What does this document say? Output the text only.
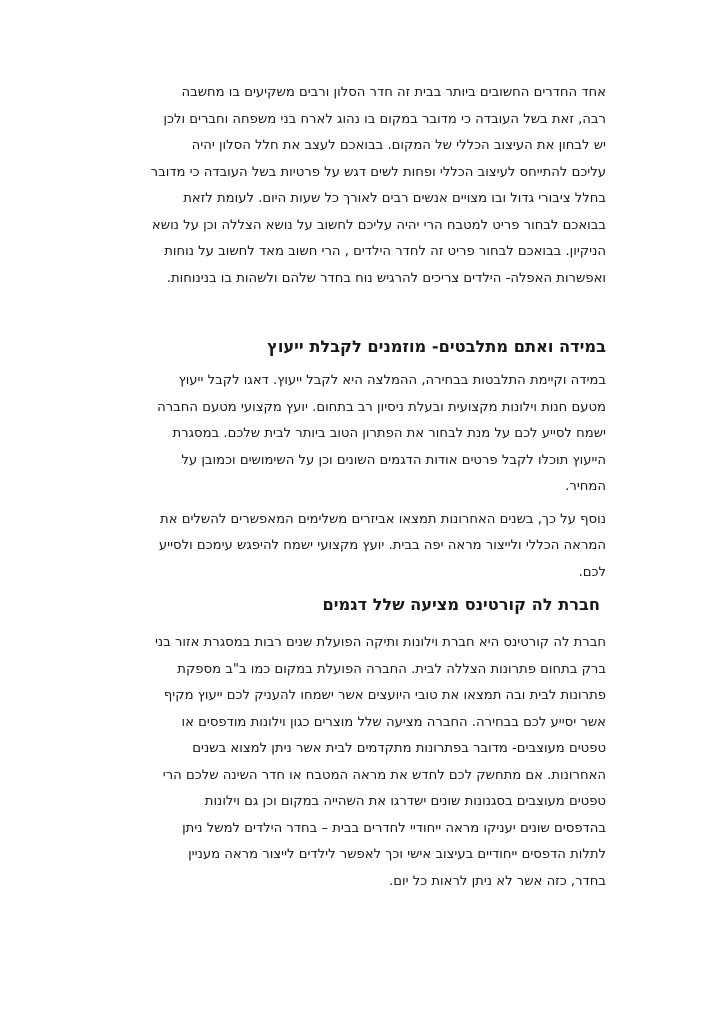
אחד החדרים החשובים ביותר בבית זה חדר הסלון ורבים משקיעים בו מחשבה
רבה, זאת בשל העובדה כי מדובר במקום בו נהוג לארח בני משפחה וחברים ולכן
יש לבחון את העיצוב הכללי של המקום. בבואכם לעצב את חלל הסלון יהיה
עליכם להתייחס לעיצוב הכללי ופחות לשים דגש על פרטיות בשל העובדה כי מדובר
בחלל ציבורי גדול ובו מצויים אנשים רבים לאורך כל שעות היום. לעומת לזאת
בבואכם לבחור פריט למטבח הרי יהיה עליכם לחשוב על נושא הצללה וכן על נושא
הניקיון. בבואכם לבחור פריט זה לחדר הילדים , הרי חשוב מאד לחשוב על נוחות
ואפשרות האפלה- הילדים צריכים להרגיש נוח בחדר שלהם ולשהות בו בנינוחות.

במידה ואתם מתלבטים- מוזמנים לקבלת ייעוץ

במידה וקיימת התלבטות בבחירה, ההמלצה היא לקבל ייעוץ. דאגו לקבל ייעוץ
מטעם חנות וילונות מקצועית ובעלת ניסיון רב בתחום. יועץ מקצועי מטעם החברה
ישמח לסייע לכם על מנת לבחור את הפתרון הטוב ביותר לבית שלכם. במסגרת
הייעוץ תוכלו לקבל פרטים אודות הדגמים השונים וכן על השימושים וכמובן על
המחיר.

נוסף על כך, בשנים האחרונות תמצאו אביזרים משלימים המאפשרים להשלים את
המראה הכללי ולייצור מראה יפה בבית. יועץ מקצועי ישמח להיפגש עימכם ולסייע
לכם.

חברת לה קורטינס מציעה שלל דגמים

חברת לה קורטינס היא חברת וילונות ותיקה הפועלת שנים רבות במסגרת אזור בני
ברק בתחום פתרונות הצללה לבית. החברה הפועלת במקום כמו ב"ב מספקת
פתרונות לבית ובה תמצאו את טובי היועצים אשר ישמחו להעניק לכם ייעוץ מקיף
אשר יסייע לכם בבחירה. החברה מציעה שלל מוצרים כגון וילונות מודפסים או
טפטים מעוצבים- מדובר בפתרונות מתקדמים לבית אשר ניתן למצוא בשנים
האחרונות. אם מתחשק לכם לחדש את מראה המטבח או חדר השינה שלכם הרי
טפטים מעוצבים בסגנונות שונים ישדרגו את השהייה במקום וכן גם וילונות
בהדפסים שונים יעניקו מראה ייחודיי לחדרים בבית – בחדר הילדים למשל ניתן
לתלות הדפסים ייחודיים בעיצוב אישי וכך לאפשר לילדים לייצור מראה מעניין
בחדר, כזה אשר לא ניתן לראות כל יום.
